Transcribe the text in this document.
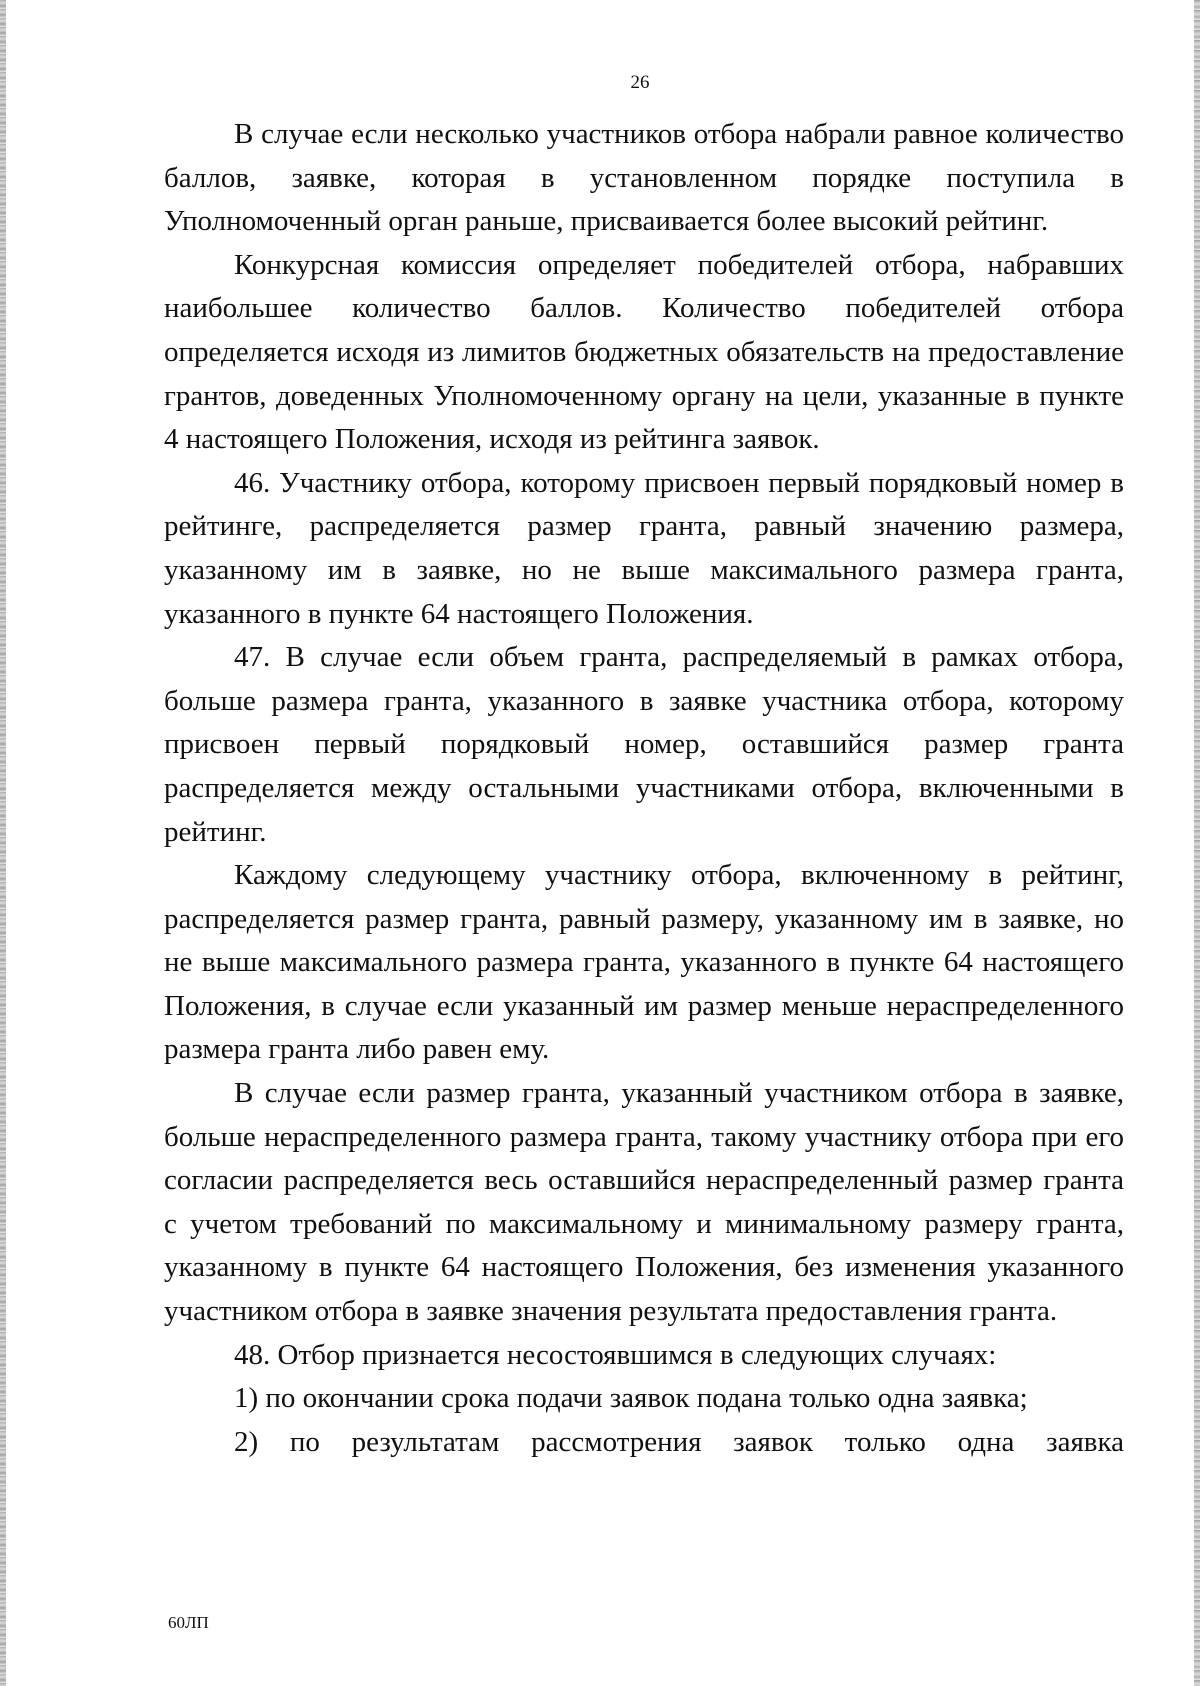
26

В случае если несколько участников отбора набрали равное количество баллов, заявке, которая в установленном порядке поступила в Уполномоченный орган раньше, присваивается более высокий рейтинг.

Конкурсная комиссия определяет победителей отбора, набравших наибольшее количество баллов. Количество победителей отбора определяется исходя из лимитов бюджетных обязательств на предоставление грантов, доведенных Уполномоченному органу на цели, указанные в пункте 4 настоящего Положения, исходя из рейтинга заявок.

46. Участнику отбора, которому присвоен первый порядковый номер в рейтинге, распределяется размер гранта, равный значению размера, указанному им в заявке, но не выше максимального размера гранта, указанного в пункте 64 настоящего Положения.

47. В случае если объем гранта, распределяемый в рамках отбора, больше размера гранта, указанного в заявке участника отбора, которому присвоен первый порядковый номер, оставшийся размер гранта распределяется между остальными участниками отбора, включенными в рейтинг.

Каждому следующему участнику отбора, включенному в рейтинг, распределяется размер гранта, равный размеру, указанному им в заявке, но не выше максимального размера гранта, указанного в пункте 64 настоящего Положения, в случае если указанный им размер меньше нераспределенного размера гранта либо равен ему.

В случае если размер гранта, указанный участником отбора в заявке, больше нераспределенного размера гранта, такому участнику отбора при его согласии распределяется весь оставшийся нераспределенный размер гранта с учетом требований по максимальному и минимальному размеру гранта, указанному в пункте 64 настоящего Положения, без изменения указанного участником отбора в заявке значения результата предоставления гранта.

48. Отбор признается несостоявшимся в следующих случаях:

1) по окончании срока подачи заявок подана только одна заявка;

2) по результатам рассмотрения заявок только одна заявка

60ЛП
